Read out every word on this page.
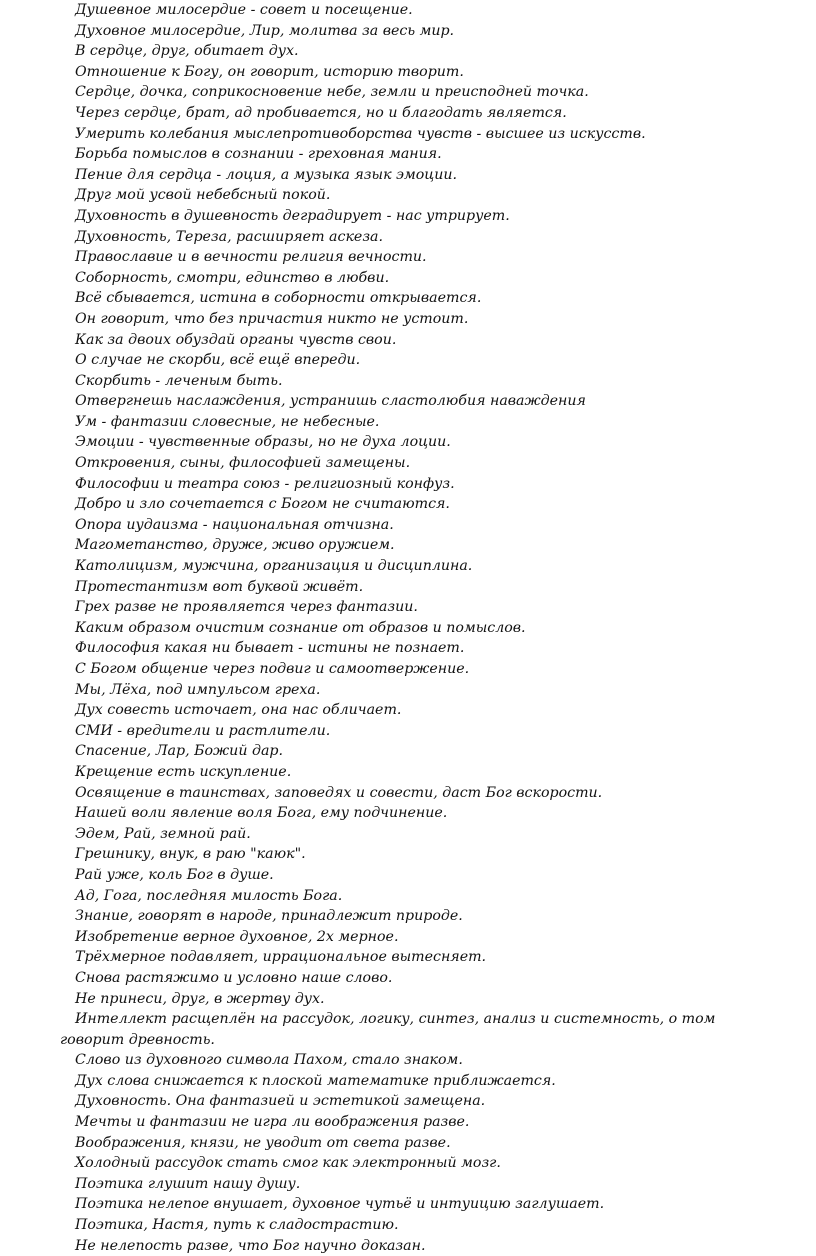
Душевное милосердие - совет и посещение.

Духовное милосердие, Лир, молитва за весь мир.

В сердце, друг, обитает дух.

Отношение к Богу, он говорит, историю творит.

Сердце, дочка, соприкосновение небе, земли и преисподней точка.

Через сердце, брат, ад пробивается, но и благодать является.

Умерить колебания мыслепротивоборства чувств - высшее из искусств.

Борьба помыслов в сознании - греховная мания.

Пение для сердца - лоция, а музыка язык эмоции.

Друг мой усвой небебсный покой.

Духовность в душевность деградирует - нас утрирует.

Духовность, Тереза, расширяет аскеза.

Православие и в вечности религия вечности.

Соборность, смотри, единство в любви.

Всё сбывается, истина в соборности открывается.

Он говорит, что без причастия никто не устоит.

Как за двоих обуздай органы чувств свои.

О случае не скорби, всё ещё впереди.

Скорбить - леченым быть.

Отвергнешь наслаждения, устранишь сластолюбия наваждения

Ум - фантазии словесные, не небесные.

Эмоции - чувственные образы, но не духа лоции.

Откровения, сыны, философией замещены.

Философии и театра союз - религиозный конфуз.

Добро и зло сочетается с Богом не считаются.

Опора иудаизма - национальная отчизна.

Магометанство, друже, живо оружием.

Католицизм, мужчина, организация и дисциплина.

Протестантизм вот буквой живёт.

Грех разве не проявляется через фантазии.

Каким образом очистим сознание от образов и помыслов.

Философия какая ни бывает - истины не познает.

С Богом общение через подвиг и самоотвержение.

Мы, Лёха, под импульсом греха.

Дух совесть источает, она нас обличает.

СМИ - вредители и растлители.

Спасение, Лар, Божий дар.

Крещение есть искупление.

Освящение в таинствах, заповедях и совести, даст Бог вскорости.

Нашей воли явление воля Бога, ему подчинение.

Эдем, Рай, земной рай.

Грешнику, внук, в раю "каюк".

Рай уже, коль Бог в душе.

Ад, Гога, последняя милость Бога.

Знание, говорят в народе, принадлежит природе.

Изобретение верное духовное, 2х мерное.

Трёхмерное подавляет, иррациональное вытесняет.

Снова растяжимо и условно наше слово.

Не принеси, друг, в жертву дух.

Интеллект расщеплён на рассудок, логику, синтез, анализ и системность, о том говорит древность.

Слово из духовного символа Пахом, стало знаком.

Дух слова снижается к плоской математике приближается.

Духовность. Она фантазией и эстетикой замещена.

Мечты и фантазии не игра ли воображения разве.

Воображения, князи, не уводит от света разве.

Холодный рассудок стать смог как электронный мозг.

Поэтика глушит нашу душу.

Поэтика нелепое внушает, духовное чутьё и интуицию заглушает.

Поэтика, Настя, путь к сладострастию.

Не нелепость разве, что Бог научно доказан.
